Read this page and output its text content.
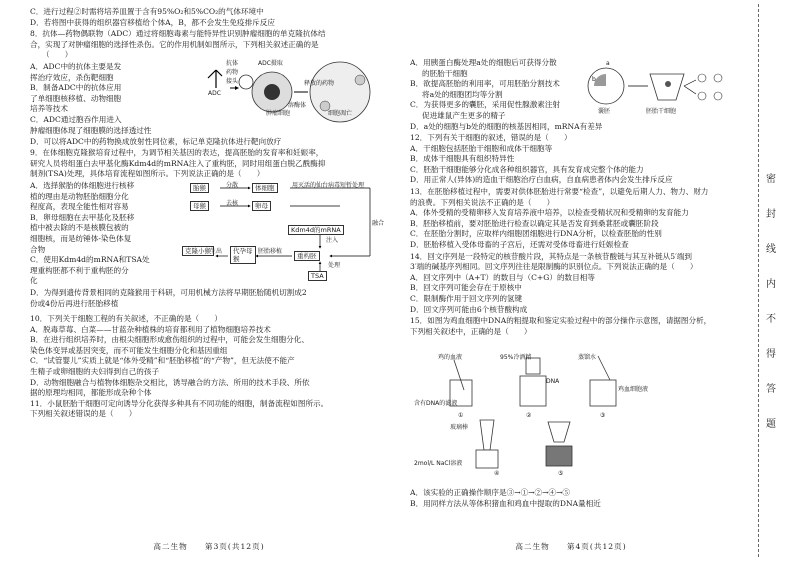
C．进行过程②时需将培养皿置于含有95%O₂和5%CO₂的气体环境中

D．若将图中获得的组织器官移植给个体A，B，都不会发生免疫排斥反应

8．抗体—药物偶联物（ADC）通过将细胞毒素与能特异性识别肿瘤细胞的单克隆抗体结

合，实现了对肿瘤细胞的选择性杀伤。它的作用机制如图所示，下列相关叙述正确的是

（　　）

A．ADC中的抗体主要是发

挥治疗效应，杀伤靶细胞

B．制备ADC中的抗体应用

了单细胞核移植、动物细胞

培养等技术

C．ADC通过胞吞作用进入

肿瘤细胞体现了细胞膜的选择透过性

D．可以将ADC中的药物换成放射性同位素，标记单克隆抗体进行靶向放疗

抗体
药物
接头
ADC
ADC摄取
溶酶体
释放的药物
细胞凋亡
肿瘤细胞

9．在体细胞克隆猴培育过程中，为调节相关基因的表达，提高胚胎的发育率和妊娠率，

研究人员将组蛋白去甲基化酶Kdm4d的mRNA注入了重构胚，同时用组蛋白脱乙酰酶抑

制剂(TSA)处理，具体培育流程如图所示。下列说法正确的是（　　）

A．选择猴胎的体细胞进行核移

植的理由是动物胚胎细胞分化

程度高，表现全能性相对容易

B．卵母细胞在去甲基化及胚移

植中被去除的不是核膜包被的

细胞核，而是纺锤体-染色体复

合物

C．使用Kdm4d的mRNA和TSA处

理重构胚都不利于重构胚的分

化

D．为得到遗传背景相同的克隆猴用于科研，可用机械方法将早期胚胎随机切割成2

份或4份后再进行胚胎移植

胎猴	体细胞
母猴	卵母
克隆小猴	代孕母猴	重构胚
Kdm4d的mRNA
TSA
用灭活的仙台病毒短暂处理
分散
去核
注入
处理
融合
生出	胚胎移植

10．下列关于细胞工程的有关叙述，不正确的是（　　）

A．脱毒草莓、白菜——甘蓝杂种植株的培育都利用了植物细胞培养技术

B．在进行组织培养时，由根尖细胞形成愈伤组织的过程中，可能会发生细胞分化、

染色体变异或基因突变，而不可能发生细胞分化和基因重组

C．“试管婴儿”实质上就是“体外受精”和“胚胎移植”的“产物”，但无法使不能产

生精子或卵细胞的夫妇得到自己的孩子

D．动物细胞融合与植物体细胞杂交相比，诱导融合的方法、所用的技术手段、所依

据的原理均相同，都能形成杂种个体

11．小鼠胚胎干细胞可定向诱导分化获得多种具有不同功能的细胞，制备流程如图所示。

下列相关叙述错误的是（　　）

高二生物　　第3页(共12页)

A．用胰蛋白酶处理a处的细胞后可获得分散

的胚胎干细胞

B．欲提高胚胎的利用率，可用胚胎分割技术

将a处的细胞团均等分割

C．为获得更多的囊胚，采用促性腺激素注射

促进雄鼠产生更多的精子

D．a处的细胞与b处的细胞的核基因相同，mRNA有差异

a
b
囊胚	胚胎干细胞

12．下列有关干细胞的叙述，错误的是（　　）

A．干细胞包括胚胎干细胞和成体干细胞等

B．成体干细胞具有组织特异性

C．胚胎干细胞能够分化成各种组织器官，具有发育成完整个体的能力

D．用正常人(异体)的造血干细胞治疗白血病，自血病患者体内会发生排斥反应

13．在胚胎移植过程中，需要对供体胚胎进行常要“检查”，以避免后期人力、物力、财力

的浪费。下列相关说法不正确的是（　　）

A．体外受精的受精卵移入发育培养液中培养，以检查受精状况和受精卵的发育能力

B．胚胎移植前，要对胚胎进行检查以确定其是否发育到桑葚胚或囊胚阶段

C．在胚胎分割时，应取样内细胞团细胞进行DNA分析，以检查胚胎的性别

D．胚胎移植入受体母畜的子宫后，还需对受体母畜进行妊娠检查

14．回文序列是一段特定的核苷酸片段，其特点是一条核苷酸链与其互补链从5′端到

3′端的碱基序列相同。回文序列往往是限制酶的识别位点。下列说法正确的是（　　）

A．回文序列中（A+T）的数目与（C+G）的数目相等

B．回文序列可能会存在于原核中

C．限制酶作用于回文序列的氢键

D．回文序列可能由6个核苷酸构成

15．如图为鸡血细胞中DNA的粗提取和鉴定实验过程中的部分操作示意图，请据图分析，

下列相关叙述中，正确的是（　　）

鸡的血液	95%冷酒精	蒸馏水
含有DNA的滤液
DNA
鸡血细胞液
2mol/L NaCl溶液
玻璃棒
①	②	③
④	⑤

A．该实验的正确操作顺序是③→①→②→④→⑤

B．用同样方法从等体积猪血和鸡血中提取的DNA量相近

高二生物　　第4页(共12页)
密
封
线
内
不
得
答
题
